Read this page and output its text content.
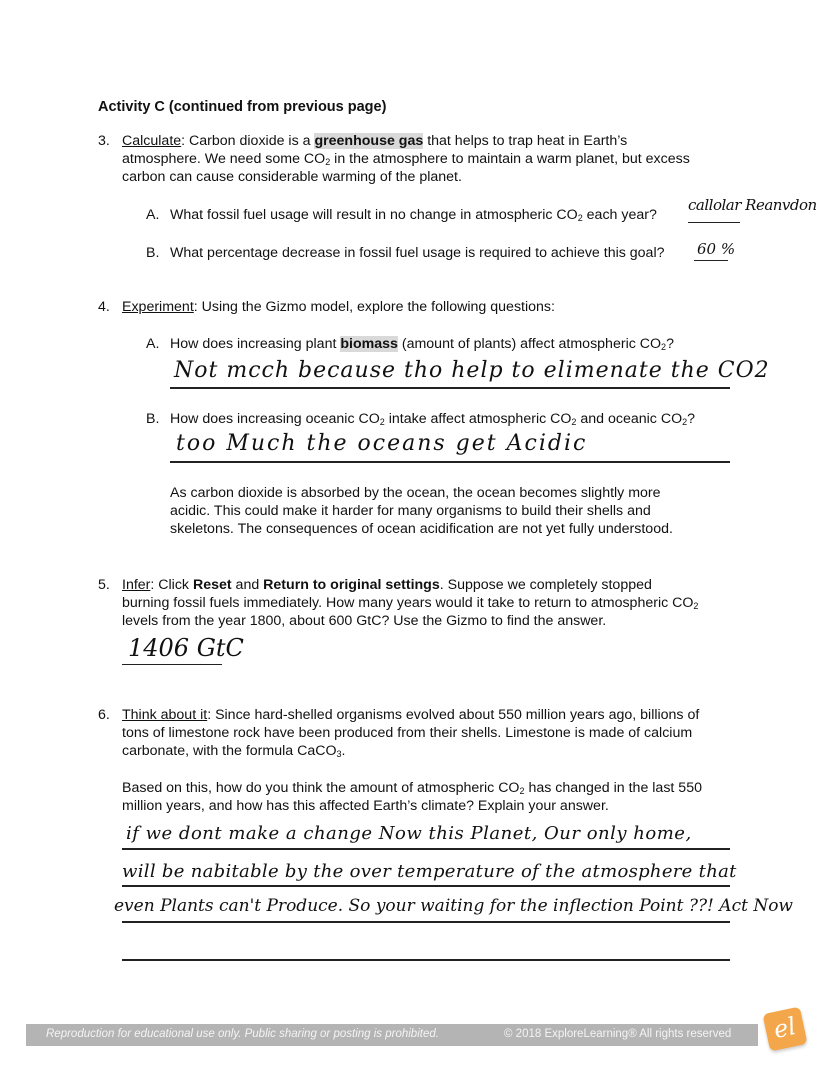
Activity C (continued from previous page)
3. Calculate: Carbon dioxide is a greenhouse gas that helps to trap heat in Earth’s
atmosphere. We need some $CO_2$ in the atmosphere to maintain a warm planet, but excess
carbon can cause considerable warming of the planet.
A. What fossil fuel usage will result in no change in atmospheric $CO_2$ each year?
callolar Reanvdon
B. What percentage decrease in fossil fuel usage is required to achieve this goal? 60 %
4. Experiment: Using the Gizmo model, explore the following questions:
A. How does increasing plant biomass (amount of plants) affect atmospheric $CO_2$?
Not mcch because tho help to elimenate the CO2
B. How does increasing oceanic $CO_2$ intake affect atmospheric $CO_2$ and oceanic $CO_2$?
too Much the oceans get Acidic
As carbon dioxide is absorbed by the ocean, the ocean becomes slightly more
acidic. This could make it harder for many organisms to build their shells and
skeletons. The consequences of ocean acidification are not yet fully understood.
5. Infer: Click Reset and Return to original settings. Suppose we completely stopped
burning fossil fuels immediately. How many years would it take to return to atmospheric $CO_2$
levels from the year 1800, about 600 GtC? Use the Gizmo to find the answer.
1406 GtC
6. Think about it: Since hard-shelled organisms evolved about 550 million years ago, billions of
tons of limestone rock have been produced from their shells. Limestone is made of calcium
carbonate, with the formula CaCO$_3$.
Based on this, how do you think the amount of atmospheric $CO_2$ has changed in the last 550
million years, and how has this affected Earth’s climate? Explain your answer.
if we dont make a change Now this Planet, Our only home,
will be nabitable by the over temperature of the atmosphere that
even Plants can't Produce. So your waiting for the inflection Point ??! Act Now
Reproduction for educational use only. Public sharing or posting is prohibited.	© 2018 ExploreLearning® All rights reserved	el
